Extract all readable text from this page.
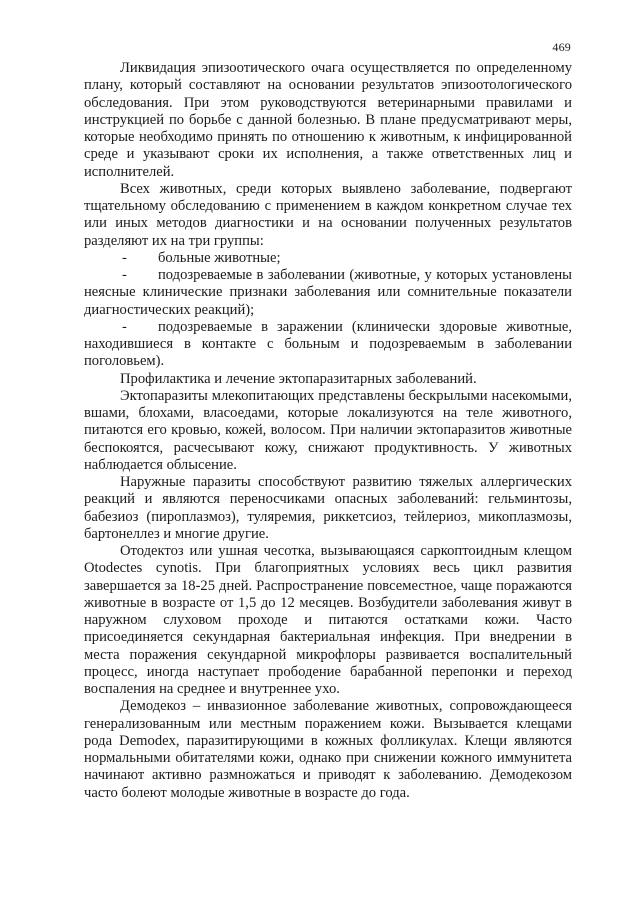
469

Ликвидация эпизоотического очага осуществляется по определенному плану, который составляют на основании результатов эпизоотологического обследования. При этом руководствуются ветеринарными правилами и инструкцией по борьбе с данной болезнью. В плане предусматривают меры, которые необходимо принять по отношению к животным, к инфицированной среде и указывают сроки их исполнения, а также ответственных лиц и исполнителей.

Всех животных, среди которых выявлено заболевание, подвергают тщательному обследованию с применением в каждом конкретном случае тех или иных методов диагностики и на основании полученных результатов разделяют их на три группы:

- больные животные;

- подозреваемые в заболевании (животные, у которых установлены неясные клинические признаки заболевания или сомнительные показатели диагностических реакций);

- подозреваемые в заражении (клинически здоровые животные, находившиеся в контакте с больным и подозреваемым в заболевании поголовьем).

Профилактика и лечение эктопаразитарных заболеваний.

Эктопаразиты млекопитающих представлены бескрылыми насекомыми, вшами, блохами, власоедами, которые локализуются на теле животного, питаются его кровью, кожей, волосом. При наличии эктопаразитов животные беспокоятся, расчесывают кожу, снижают продуктивность. У животных наблюдается облысение.

Наружные паразиты способствуют развитию тяжелых аллергических реакций и являются переносчиками опасных заболеваний: гельминтозы, бабезиоз (пироплазмоз), туляремия, риккетсиоз, тейлериоз, микоплазмозы, бартонеллез и многие другие.

Отодектоз или ушная чесотка, вызывающаяся саркоптоидным клещом Otodectes cynotis. При благоприятных условиях весь цикл развития завершается за 18-25 дней. Распространение повсеместное, чаще поражаются животные в возрасте от 1,5 до 12 месяцев. Возбудители заболевания живут в наружном слуховом проходе и питаются остатками кожи. Часто присоединяется секундарная бактериальная инфекция. При внедрении в места поражения секундарной микрофлоры развивается воспалительный процесс, иногда наступает прободение барабанной перепонки и переход воспаления на среднее и внутреннее ухо.

Демодекоз – инвазионное заболевание животных, сопровождающееся генерализованным или местным поражением кожи. Вызывается клещами рода Demodex, паразитирующими в кожных фолликулах. Клещи являются нормальными обитателями кожи, однако при снижении кожного иммунитета начинают активно размножаться и приводят к заболеванию. Демодекозом часто болеют молодые животные в возрасте до года.
